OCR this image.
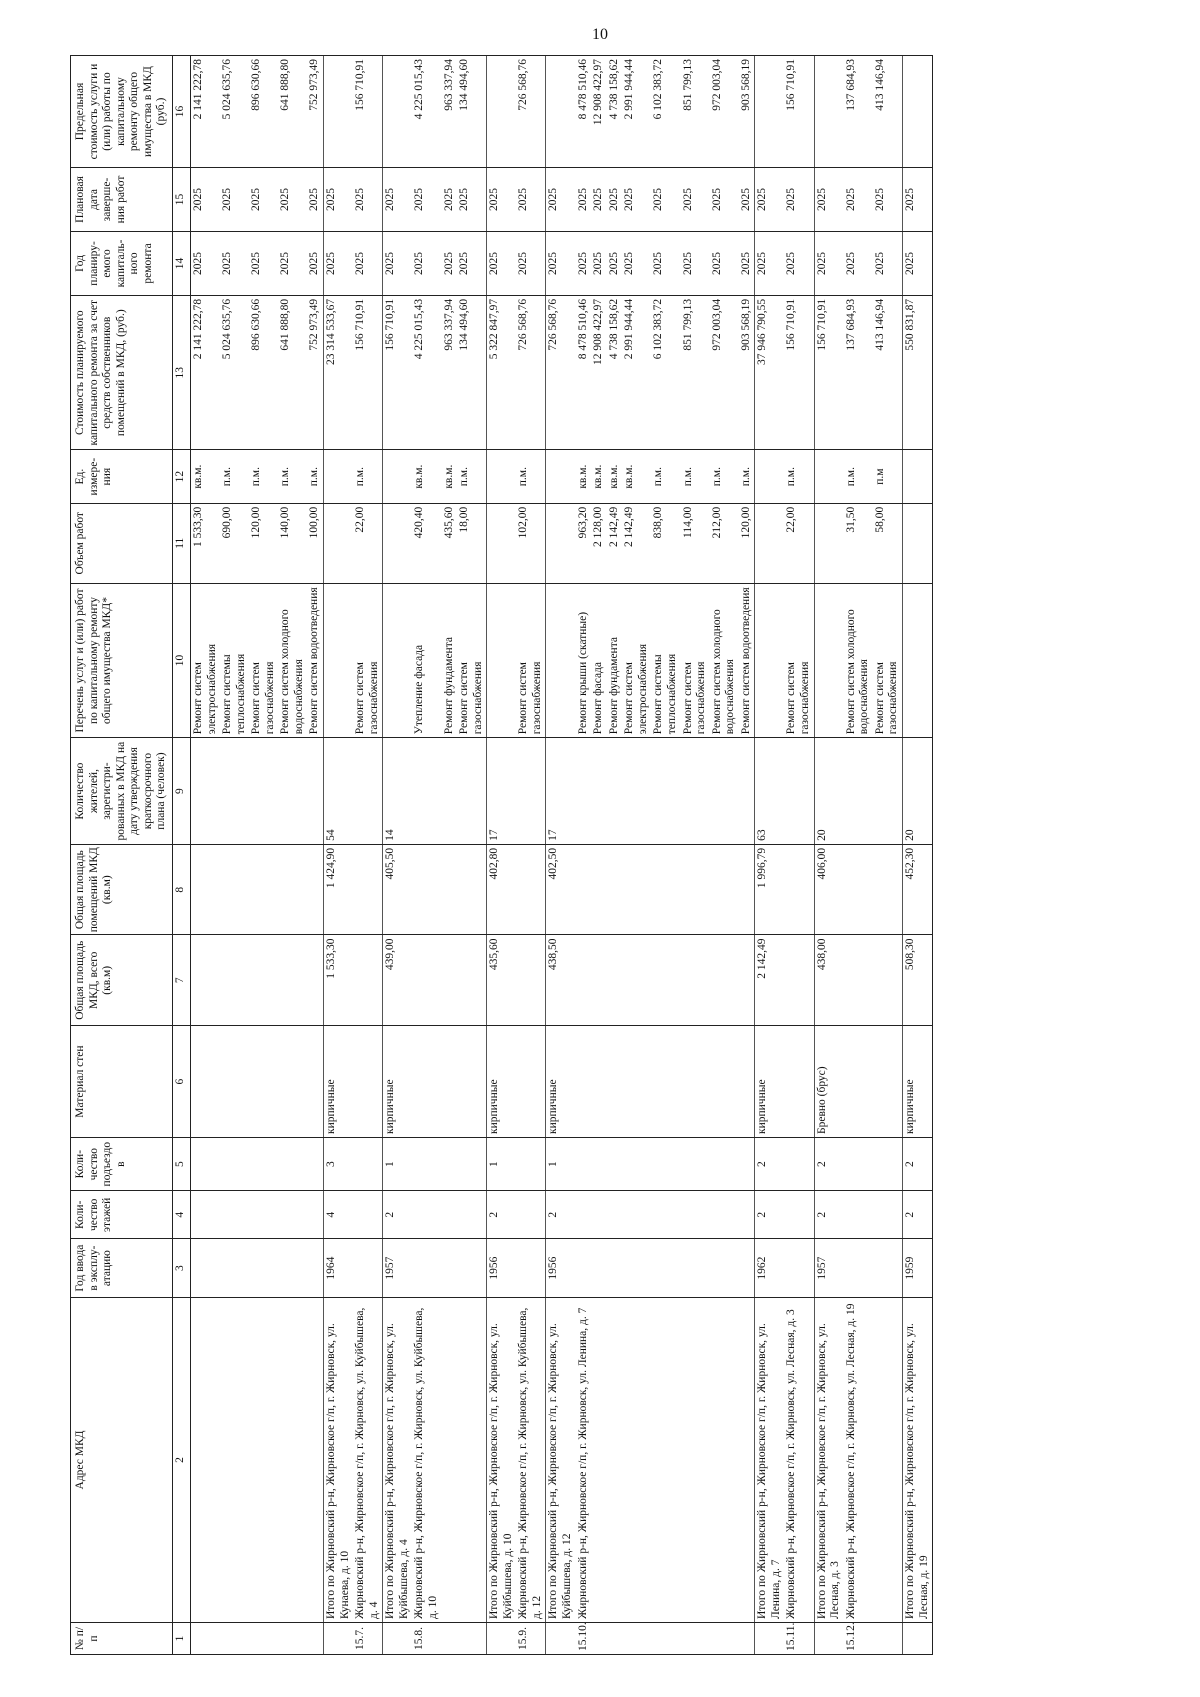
10
№ п/п	Адрес МКД	Год ввода в эксплу-атацию	Коли-чество этажей	Коли-чество подъездо в	Материал стен	Общая площадь МКД, всего (кв.м)	Общая площадь помещений МКД (кв.м)	Количество жителей, зарегистри-рованных в МКД на дату утверждения краткосрочного плана (человек)	Перечень услуг и (или) работ по капитальному ремонту общего имущества МКД*	Объем работ	Ед. измере-ния	Стоимость планируемого капитального ремонта за счет средств собственников помещений в МКД, (руб.)	Год планиру-емого капиталь-ного ремонта	Плановая дата заверше-ния работ	Предельная стоимость услуги и (или) работы по капитальному ремонту общего имущества в МКД (руб.)
1	2	3	4	5	6	7	8	9	10	11	12	13	14	15	16
									Ремонт систем электроснабжения	1 533,30	кв.м.	2 141 222,78	2025	2025	2 141 222,78
									Ремонт системы теплоснабжения	690,00	п.м.	5 024 635,76	2025	2025	5 024 635,76
									Ремонт систем газоснабжения	120,00	п.м.	896 630,66	2025	2025	896 630,66
									Ремонт систем холодного водоснабжения	140,00	п.м.	641 888,80	2025	2025	641 888,80
									Ремонт систем водоотведения	100,00	п.м.	752 973,49	2025	2025	752 973,49
	Итого по Жирновский р-н, Жирновское г/п, г. Жирновск, ул. Кунаева, д. 10	1964	4	3	кирпичные	1 533,30	1 424,90	54				23 314 533,67	2025	2025	
15.7.	Жирновский р-н, Жирновское г/п, г. Жирновск, ул. Куйбышева, д. 4								Ремонт систем газоснабжения	22,00	п.м.	156 710,91	2025	2025	156 710,91
	Итого по Жирновский р-н, Жирновское г/п, г. Жирновск, ул. Куйбышева, д. 4	1957	2	1	кирпичные	439,00	405,50	14				156 710,91	2025	2025	
15.8.	Жирновский р-н, Жирновское г/п, г. Жирновск, ул. Куйбышева, д. 10								Утепление фасада	420,40	кв.м.	4 225 015,43	2025	2025	4 225 015,43
									Ремонт фундамента	435,60	кв.м.	963 337,94	2025	2025	963 337,94
									Ремонт систем газоснабжения	18,00	п.м.	134 494,60	2025	2025	134 494,60
	Итого по Жирновский р-н, Жирновское г/п, г. Жирновск, ул. Куйбышева, д. 10	1956	2	1	кирпичные	435,60	402,80	17				5 322 847,97	2025	2025	
15.9.	Жирновский р-н, Жирновское г/п, г. Жирновск, ул. Куйбышева, д. 12								Ремонт систем газоснабжения	102,00	п.м.	726 568,76	2025	2025	726 568,76
	Итого по Жирновский р-н, Жирновское г/п, г. Жирновск, ул. Куйбышева, д. 12	1956	2	1	кирпичные	438,50	402,50	17				726 568,76	2025	2025	
15.10.	Жирновский р-н, Жирновское г/п, г. Жирновск, ул. Ленина, д. 7								Ремонт крыши (скатные)	963,20	кв.м.	8 478 510,46	2025	2025	8 478 510,46
									Ремонт фасада	2 128,00	кв.м.	12 908 422,97	2025	2025	12 908 422,97
									Ремонт фундамента	2 142,49	кв.м.	4 738 158,62	2025	2025	4 738 158,62
									Ремонт систем электроснабжения	2 142,49	кв.м.	2 991 944,44	2025	2025	2 991 944,44
									Ремонт системы теплоснабжения	838,00	п.м.	6 102 383,72	2025	2025	6 102 383,72
									Ремонт систем газоснабжения	114,00	п.м.	851 799,13	2025	2025	851 799,13
									Ремонт систем холодного водоснабжения	212,00	п.м.	972 003,04	2025	2025	972 003,04
									Ремонт систем водоотведения	120,00	п.м.	903 568,19	2025	2025	903 568,19
	Итого по Жирновский р-н, Жирновское г/п, г. Жирновск, ул. Ленина, д. 7	1962	2	2	кирпичные	2 142,49	1 996,79	63				37 946 790,55	2025	2025	
15.11.	Жирновский р-н, Жирновское г/п, г. Жирновск, ул. Лесная, д. 3								Ремонт систем газоснабжения	22,00	п.м.	156 710,91	2025	2025	156 710,91
	Итого по Жирновский р-н, Жирновское г/п, г. Жирновск, ул. Лесная, д. 3	1957	2	2	Бревно (брус)	438,00	406,00	20				156 710,91	2025	2025	
15.12.	Жирновский р-н, Жирновское г/п, г. Жирновск, ул. Лесная, д. 19								Ремонт систем холодного водоснабжения	31,50	п.м.	137 684,93	2025	2025	137 684,93
									Ремонт систем газоснабжения	58,00	п.м	413 146,94	2025	2025	413 146,94
	Итого по Жирновский р-н, Жирновское г/п, г. Жирновск, ул. Лесная, д. 19	1959	2	2	кирпичные	508,30	452,30	20				550 831,87	2025	2025	
